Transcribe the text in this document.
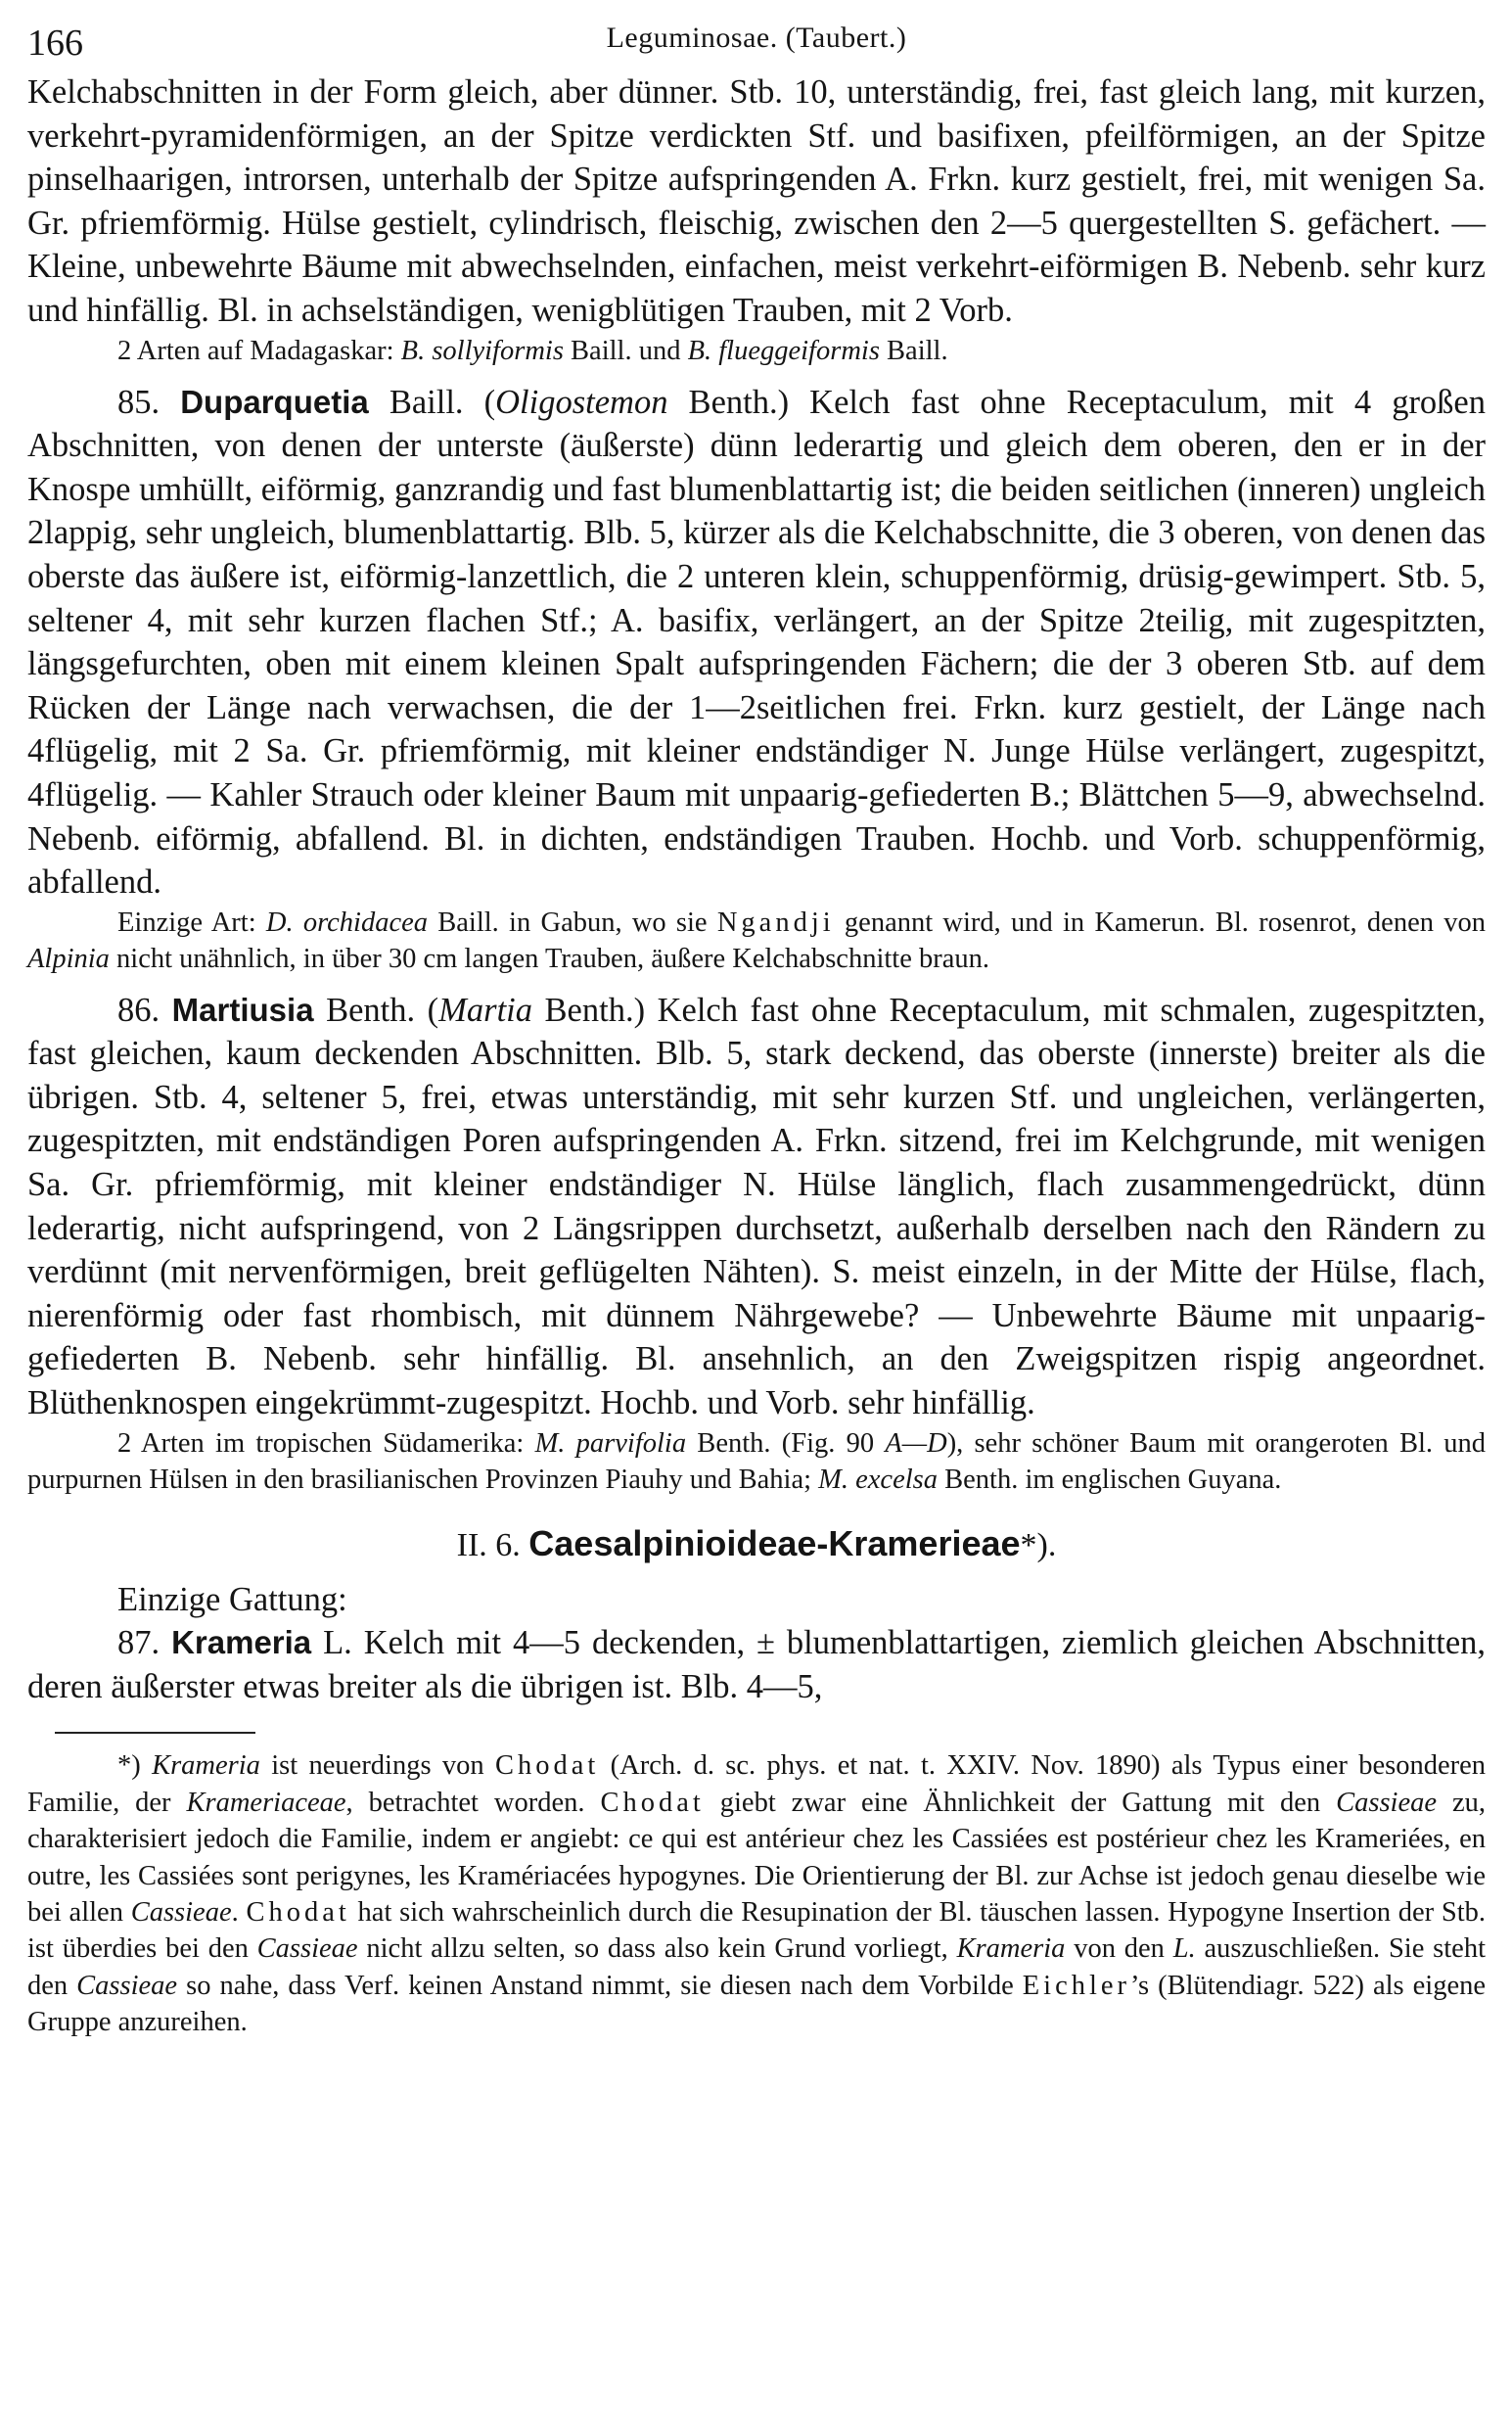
166	Leguminosae. (Taubert.)

Kelchabschnitten in der Form gleich, aber dünner. Stb. 10, unterständig, frei, fast gleich lang, mit kurzen, verkehrt-pyramidenförmigen, an der Spitze verdickten Stf. und basifixen, pfeilförmigen, an der Spitze pinselhaarigen, introrsen, unterhalb der Spitze aufspringenden A. Frkn. kurz gestielt, frei, mit wenigen Sa. Gr. pfriemförmig. Hülse gestielt, cylindrisch, fleischig, zwischen den 2—5 quergestellten S. gefächert. — Kleine, unbewehrte Bäume mit abwechselnden, einfachen, meist verkehrt-eiförmigen B. Nebenb. sehr kurz und hinfällig. Bl. in achselständigen, wenigblütigen Trauben, mit 2 Vorb.

2 Arten auf Madagaskar: B. sollyiformis Baill. und B. flueggeiformis Baill.

85. Duparquetia Baill. (Oligostemon Benth.) Kelch fast ohne Receptaculum, mit 4 großen Abschnitten, von denen der unterste (äußerste) dünn lederartig und gleich dem oberen, den er in der Knospe umhüllt, eiförmig, ganzrandig und fast blumenblattartig ist; die beiden seitlichen (inneren) ungleich 2lappig, sehr ungleich, blumenblattartig. Blb. 5, kürzer als die Kelchabschnitte, die 3 oberen, von denen das oberste das äußere ist, eiförmig-lanzettlich, die 2 unteren klein, schuppenförmig, drüsig-gewimpert. Stb. 5, seltener 4, mit sehr kurzen flachen Stf.; A. basifix, verlängert, an der Spitze 2teilig, mit zugespitzten, längsgefurchten, oben mit einem kleinen Spalt aufspringenden Fächern; die der 3 oberen Stb. auf dem Rücken der Länge nach verwachsen, die der 1—2seitlichen frei. Frkn. kurz gestielt, der Länge nach 4flügelig, mit 2 Sa. Gr. pfriemförmig, mit kleiner endständiger N. Junge Hülse verlängert, zugespitzt, 4flügelig. — Kahler Strauch oder kleiner Baum mit unpaarig-gefiederten B.; Blättchen 5—9, abwechselnd. Nebenb. eiförmig, abfallend. Bl. in dichten, endständigen Trauben. Hochb. und Vorb. schuppenförmig, abfallend.

Einzige Art: D. orchidacea Baill. in Gabun, wo sie Ngandji genannt wird, und in Kamerun. Bl. rosenrot, denen von Alpinia nicht unähnlich, in über 30 cm langen Trauben, äußere Kelchabschnitte braun.

86. Martiusia Benth. (Martia Benth.) Kelch fast ohne Receptaculum, mit schmalen, zugespitzten, fast gleichen, kaum deckenden Abschnitten. Blb. 5, stark deckend, das oberste (innerste) breiter als die übrigen. Stb. 4, seltener 5, frei, etwas unterständig, mit sehr kurzen Stf. und ungleichen, verlängerten, zugespitzten, mit endständigen Poren aufspringenden A. Frkn. sitzend, frei im Kelchgrunde, mit wenigen Sa. Gr. pfriemförmig, mit kleiner endständiger N. Hülse länglich, flach zusammengedrückt, dünn lederartig, nicht aufspringend, von 2 Längsrippen durchsetzt, außerhalb derselben nach den Rändern zu verdünnt (mit nervenförmigen, breit geflügelten Nähten). S. meist einzeln, in der Mitte der Hülse, flach, nierenförmig oder fast rhombisch, mit dünnem Nährgewebe? — Unbewehrte Bäume mit unpaarig-gefiederten B. Nebenb. sehr hinfällig. Bl. ansehnlich, an den Zweigspitzen rispig angeordnet. Blüthenknospen eingekrümmt-zugespitzt. Hochb. und Vorb. sehr hinfällig.

2 Arten im tropischen Südamerika: M. parvifolia Benth. (Fig. 90 A—D), sehr schöner Baum mit orangeroten Bl. und purpurnen Hülsen in den brasilianischen Provinzen Piauhy und Bahia; M. excelsa Benth. im englischen Guyana.

II. 6. Caesalpinioideae-Kramerieae*).

Einzige Gattung:

87. Krameria L. Kelch mit 4—5 deckenden, ± blumenblattartigen, ziemlich gleichen Abschnitten, deren äußerster etwas breiter als die übrigen ist. Blb. 4—5,

*) Krameria ist neuerdings von Chodat (Arch. d. sc. phys. et nat. t. XXIV. Nov. 1890) als Typus einer besonderen Familie, der Krameriaceae, betrachtet worden. Chodat giebt zwar eine Ähnlichkeit der Gattung mit den Cassieae zu, charakterisiert jedoch die Familie, indem er angiebt: ce qui est antérieur chez les Cassiées est postérieur chez les Krameriées, en outre, les Cassiées sont perigynes, les Kramériacées hypogynes. Die Orientierung der Bl. zur Achse ist jedoch genau dieselbe wie bei allen Cassieae. Chodat hat sich wahrscheinlich durch die Resupination der Bl. täuschen lassen. Hypogyne Insertion der Stb. ist überdies bei den Cassieae nicht allzu selten, so dass also kein Grund vorliegt, Krameria von den L. auszuschließen. Sie steht den Cassieae so nahe, dass Verf. keinen Anstand nimmt, sie diesen nach dem Vorbilde Eichler’s (Blütendiagr. 522) als eigene Gruppe anzureihen.
